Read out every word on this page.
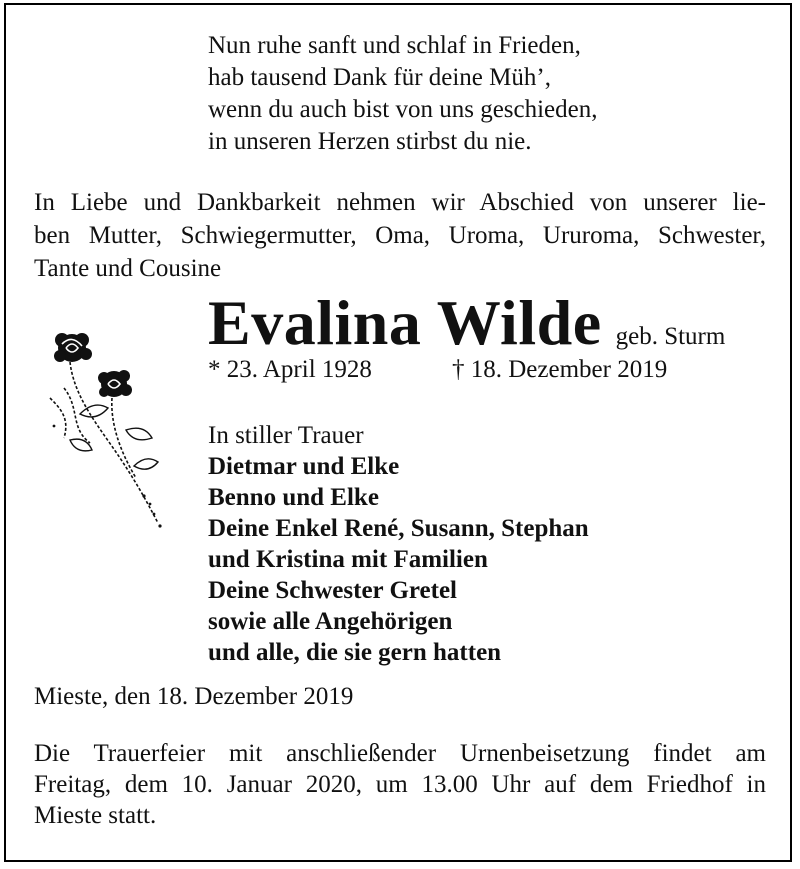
Nun ruhe sanft und schlaf in Frieden,
hab tausend Dank für deine Müh’,
wenn du auch bist von uns geschieden,
in unseren Herzen stirbst du nie.
In Liebe und Dankbarkeit nehmen wir Abschied von unserer lie-
ben Mutter, Schwiegermutter, Oma, Uroma, Ururoma, Schwester,
Tante und Cousine
Evalina Wilde geb. Sturm
* 23. April 1928	† 18. Dezember 2019
In stiller Trauer
Dietmar und Elke
Benno und Elke
Deine Enkel René, Susann, Stephan
und Kristina mit Familien
Deine Schwester Gretel
sowie alle Angehörigen
und alle, die sie gern hatten
Mieste, den 18. Dezember 2019
Die Trauerfeier mit anschließender Urnenbeisetzung findet am
Freitag, dem 10. Januar 2020, um 13.00 Uhr auf dem Friedhof in
Mieste statt.
